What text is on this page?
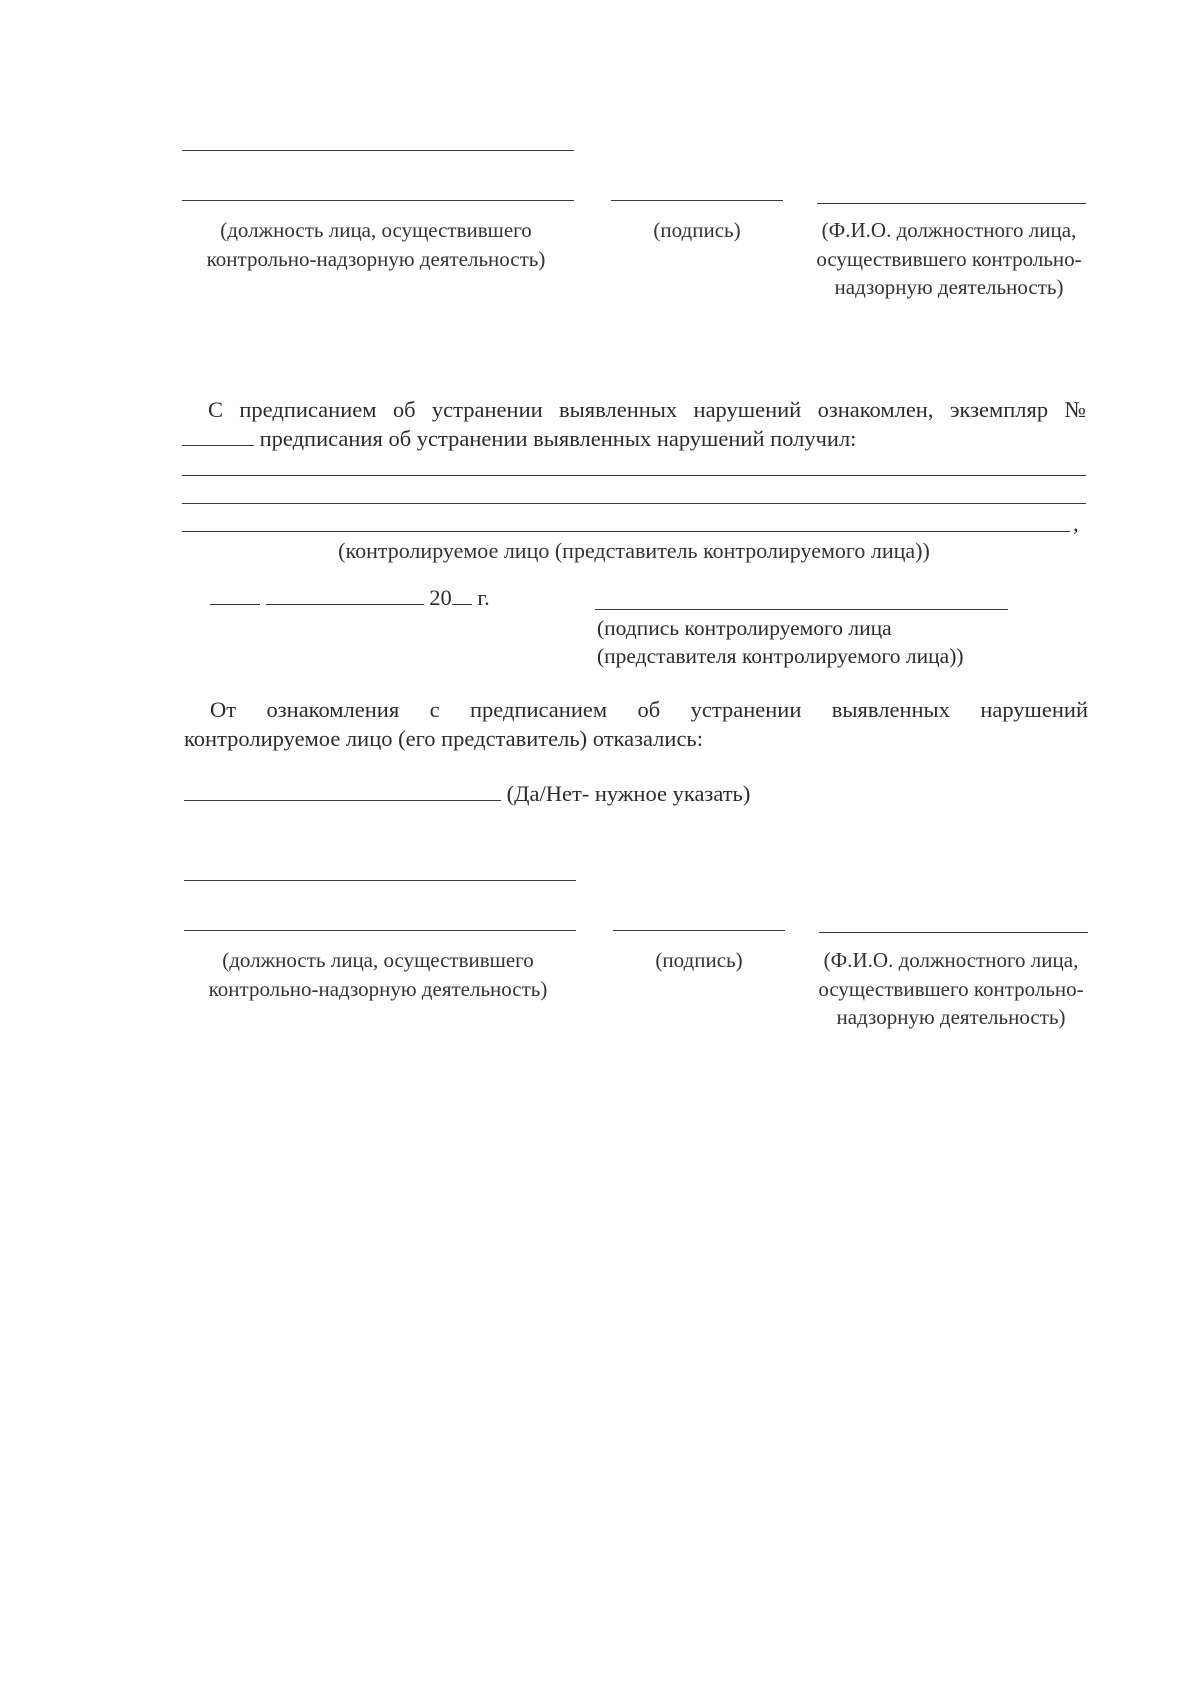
(должность лица, осуществившего контрольно-надзорную деятельность)
(подпись)	(Ф.И.О. должностного лица, осуществившего контрольно-надзорную деятельность)
С предписанием об устранении выявленных нарушений ознакомлен, экземпляр №
предписания об устранении выявленных нарушений получил:
,
(контролируемое лицо (представитель контролируемого лица))
20 г.
(подпись контролируемого лица
(представителя контролируемого лица))
От ознакомления с предписанием об устранении выявленных нарушений
контролируемое лицо (его представитель) отказались:
(Да/Нет- нужное указать)
(должность лица, осуществившего контрольно-надзорную деятельность)
(подпись)	(Ф.И.О. должностного лица, осуществившего контрольно-надзорную деятельность)
